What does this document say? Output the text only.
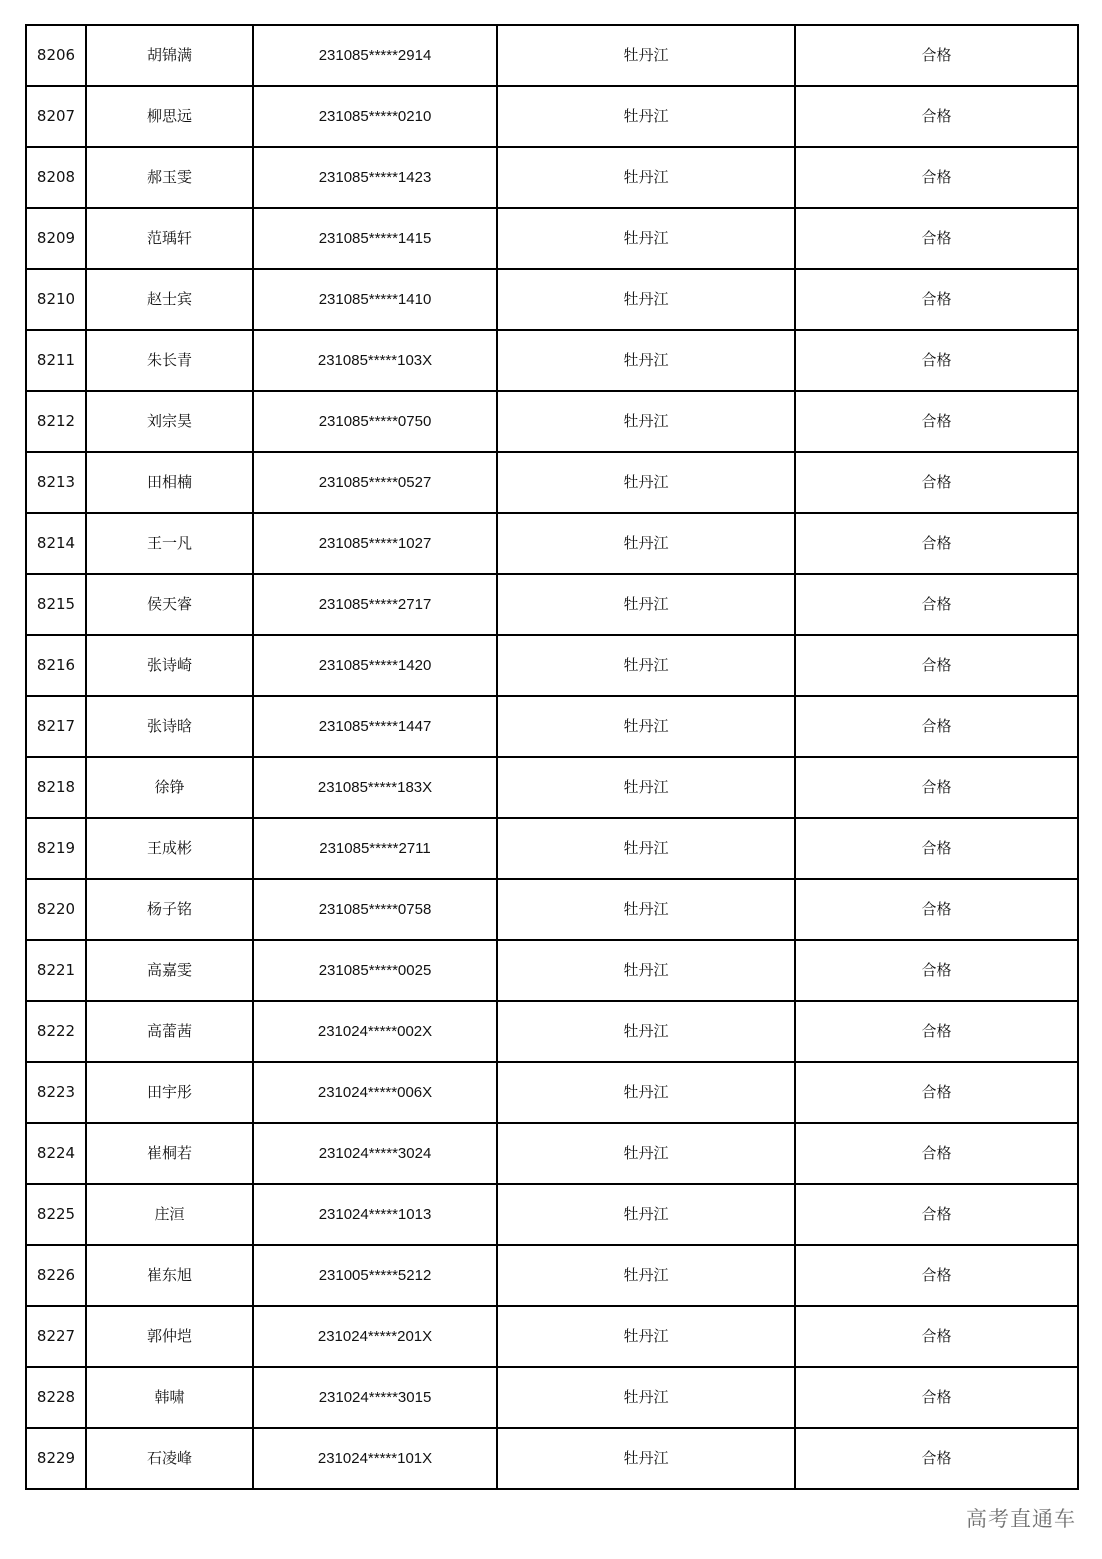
8206	胡锦满	231085*****2914	牡丹江	合格
8207	柳思远	231085*****0210	牡丹江	合格
8208	郝玉雯	231085*****1423	牡丹江	合格
8209	范瑀轩	231085*****1415	牡丹江	合格
8210	赵士宾	231085*****1410	牡丹江	合格
8211	朱长青	231085*****103X	牡丹江	合格
8212	刘宗昊	231085*****0750	牡丹江	合格
8213	田相楠	231085*****0527	牡丹江	合格
8214	王一凡	231085*****1027	牡丹江	合格
8215	侯天睿	231085*****2717	牡丹江	合格
8216	张诗崎	231085*****1420	牡丹江	合格
8217	张诗晗	231085*****1447	牡丹江	合格
8218	徐铮	231085*****183X	牡丹江	合格
8219	王成彬	231085*****2711	牡丹江	合格
8220	杨子铭	231085*****0758	牡丹江	合格
8221	高嘉雯	231085*****0025	牡丹江	合格
8222	高蕾茜	231024*****002X	牡丹江	合格
8223	田宇彤	231024*****006X	牡丹江	合格
8224	崔桐若	231024*****3024	牡丹江	合格
8225	庄洹	231024*****1013	牡丹江	合格
8226	崔东旭	231005*****5212	牡丹江	合格
8227	郭仲垲	231024*****201X	牡丹江	合格
8228	韩啸	231024*****3015	牡丹江	合格
8229	石凌峰	231024*****101X	牡丹江	合格
高考直通车
